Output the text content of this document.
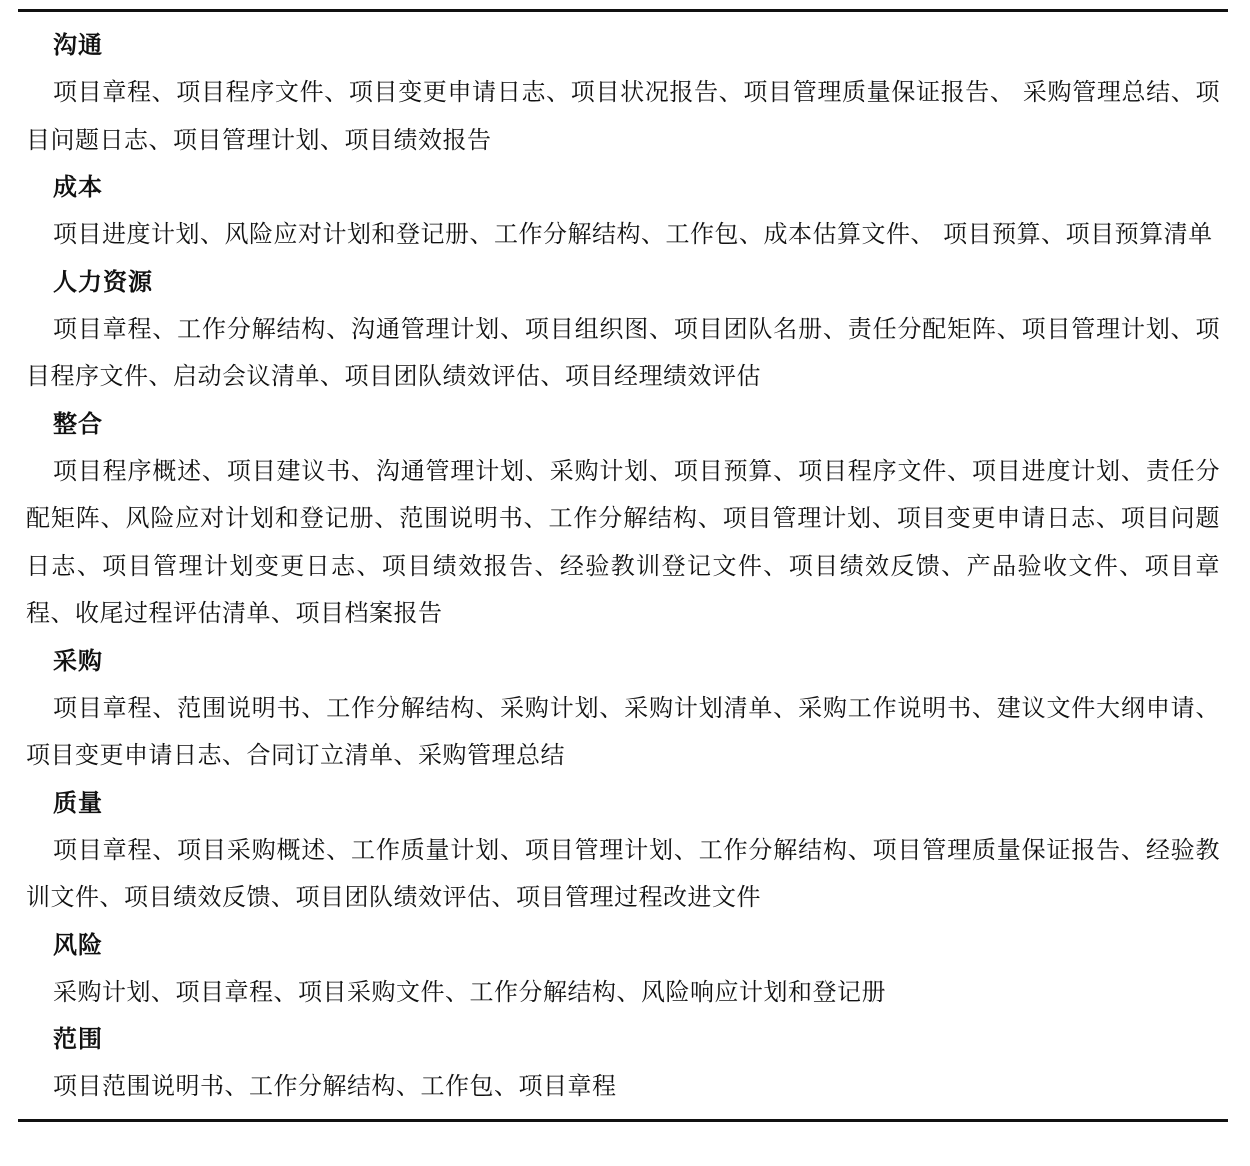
沟通
项目章程、项目程序文件、项目变更申请日志、项目状况报告、项目管理质量保证报告、 采购管理总结、项目问题日志、项目管理计划、项目绩效报告
成本
项目进度计划、风险应对计划和登记册、工作分解结构、工作包、成本估算文件、 项目预算、项目预算清单
人力资源
项目章程、工作分解结构、沟通管理计划、项目组织图、项目团队名册、责任分配矩阵、项目管理计划、项目程序文件、启动会议清单、项目团队绩效评估、项目经理绩效评估
整合
项目程序概述、项目建议书、沟通管理计划、采购计划、项目预算、项目程序文件、项目进度计划、责任分配矩阵、风险应对计划和登记册、范围说明书、工作分解结构、项目管理计划、项目变更申请日志、项目问题日志、项目管理计划变更日志、项目绩效报告、经验教训登记文件、项目绩效反馈、产品验收文件、项目章程、收尾过程评估清单、项目档案报告
采购
项目章程、范围说明书、工作分解结构、采购计划、采购计划清单、采购工作说明书、建议文件大纲申请、项目变更申请日志、合同订立清单、采购管理总结
质量
项目章程、项目采购概述、工作质量计划、项目管理计划、工作分解结构、项目管理质量保证报告、经验教训文件、项目绩效反馈、项目团队绩效评估、项目管理过程改进文件
风险
采购计划、项目章程、项目采购文件、工作分解结构、风险响应计划和登记册
范围
项目范围说明书、工作分解结构、工作包、项目章程
